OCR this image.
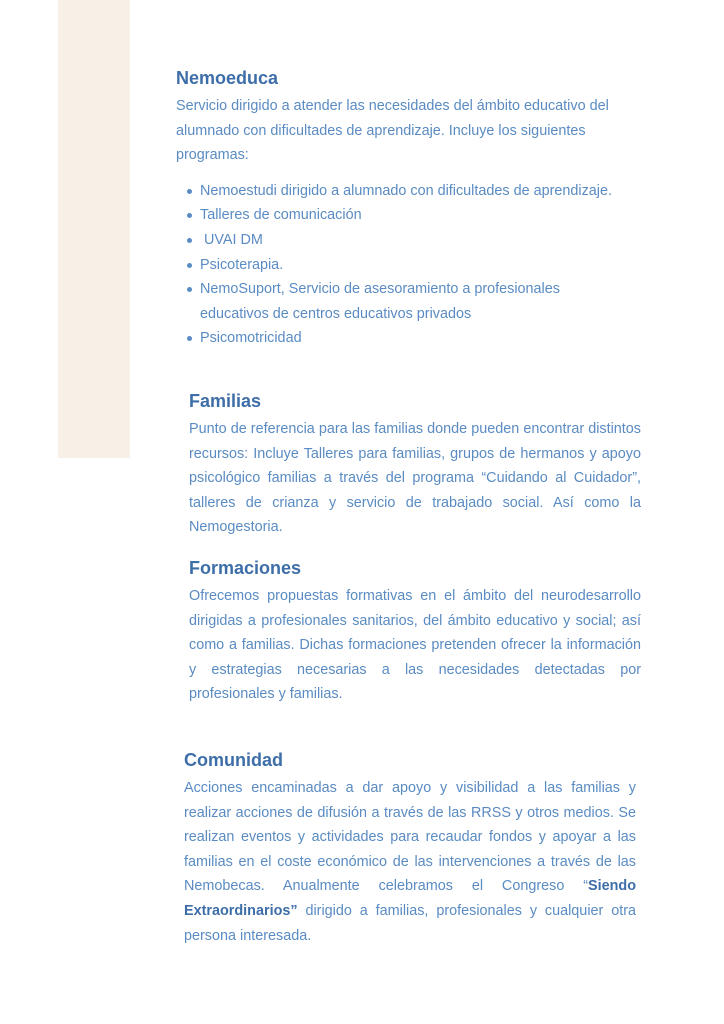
Nemoeduca

Servicio dirigido a atender las necesidades del ámbito educativo del alumnado con dificultades de aprendizaje. Incluye los siguientes programas:

Nemoestudi dirigido a alumnado con dificultades de aprendizaje.
Talleres de comunicación
UVAI DM
Psicoterapia.
NemoSuport, Servicio de asesoramiento a profesionales educativos de centros educativos privados
Psicomotricidad
Familias

Punto de referencia para las familias donde pueden encontrar distintos recursos: Incluye Talleres para familias, grupos de hermanos y apoyo psicológico familias a través del programa “Cuidando al Cuidador”, talleres de crianza y servicio de trabajado social. Así como la Nemogestoria.

Formaciones

Ofrecemos propuestas formativas en el ámbito del neurodesarrollo dirigidas a profesionales sanitarios, del ámbito educativo y social; así como a familias. Dichas formaciones pretenden ofrecer la información y estrategias necesarias a las necesidades detectadas por profesionales y familias.

Comunidad

Acciones encaminadas a dar apoyo y visibilidad a las familias y realizar acciones de difusión a través de las RRSS y otros medios. Se realizan eventos y actividades para recaudar fondos y apoyar a las familias en el coste económico de las intervenciones a través de las Nemobecas. Anualmente celebramos el Congreso “Siendo Extraordinarios” dirigido a familias, profesionales y cualquier otra persona interesada.
